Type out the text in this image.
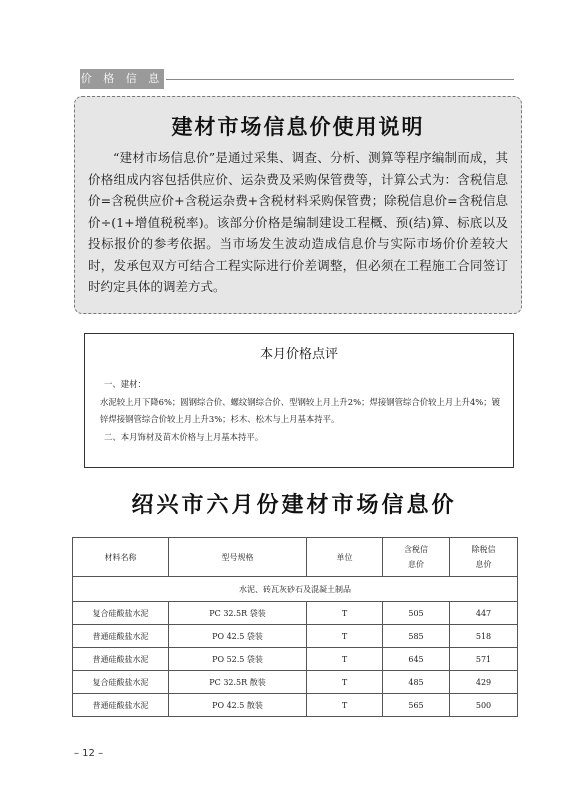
价 格 信 息
建材市场信息价使用说明

“建材市场信息价”是通过采集、调查、分析、测算等程序编制而成，其价格组成内容包括供应价、运杂费及采购保管费等，计算公式为：含税信息价=含税供应价+含税运杂费+含税材料采购保管费；除税信息价=含税信息价÷(1+增值税税率)。该部分价格是编制建设工程概、预(结)算、标底以及投标报价的参考依据。当市场发生波动造成信息价与实际市场价价差较大时，发承包双方可结合工程实际进行价差调整，但必须在工程施工合同签订时约定具体的调差方式。

本月价格点评

一、建材：

水泥较上月下降6%；圆钢综合价、螺纹钢综合价、型钢较上月上升2%；焊接钢管综合价较上月上升4%；镀锌焊接钢管综合价较上月上升3%；杉木、松木与上月基本持平。

二、本月饰材及苗木价格与上月基本持平。

绍兴市六月份建材市场信息价
材料名称	型号规格	单位	含税信息价	除税信息价
水泥、砖瓦灰砂石及混凝土制品				
复合硅酸盐水泥	PC 32.5R 袋装	T	505	447
普通硅酸盐水泥	PO 42.5 袋装	T	585	518
普通硅酸盐水泥	PO 52.5 袋装	T	645	571
复合硅酸盐水泥	PC 32.5R 散装	T	485	429
普通硅酸盐水泥	PO 42.5 散装	T	565	500
– 12 –
